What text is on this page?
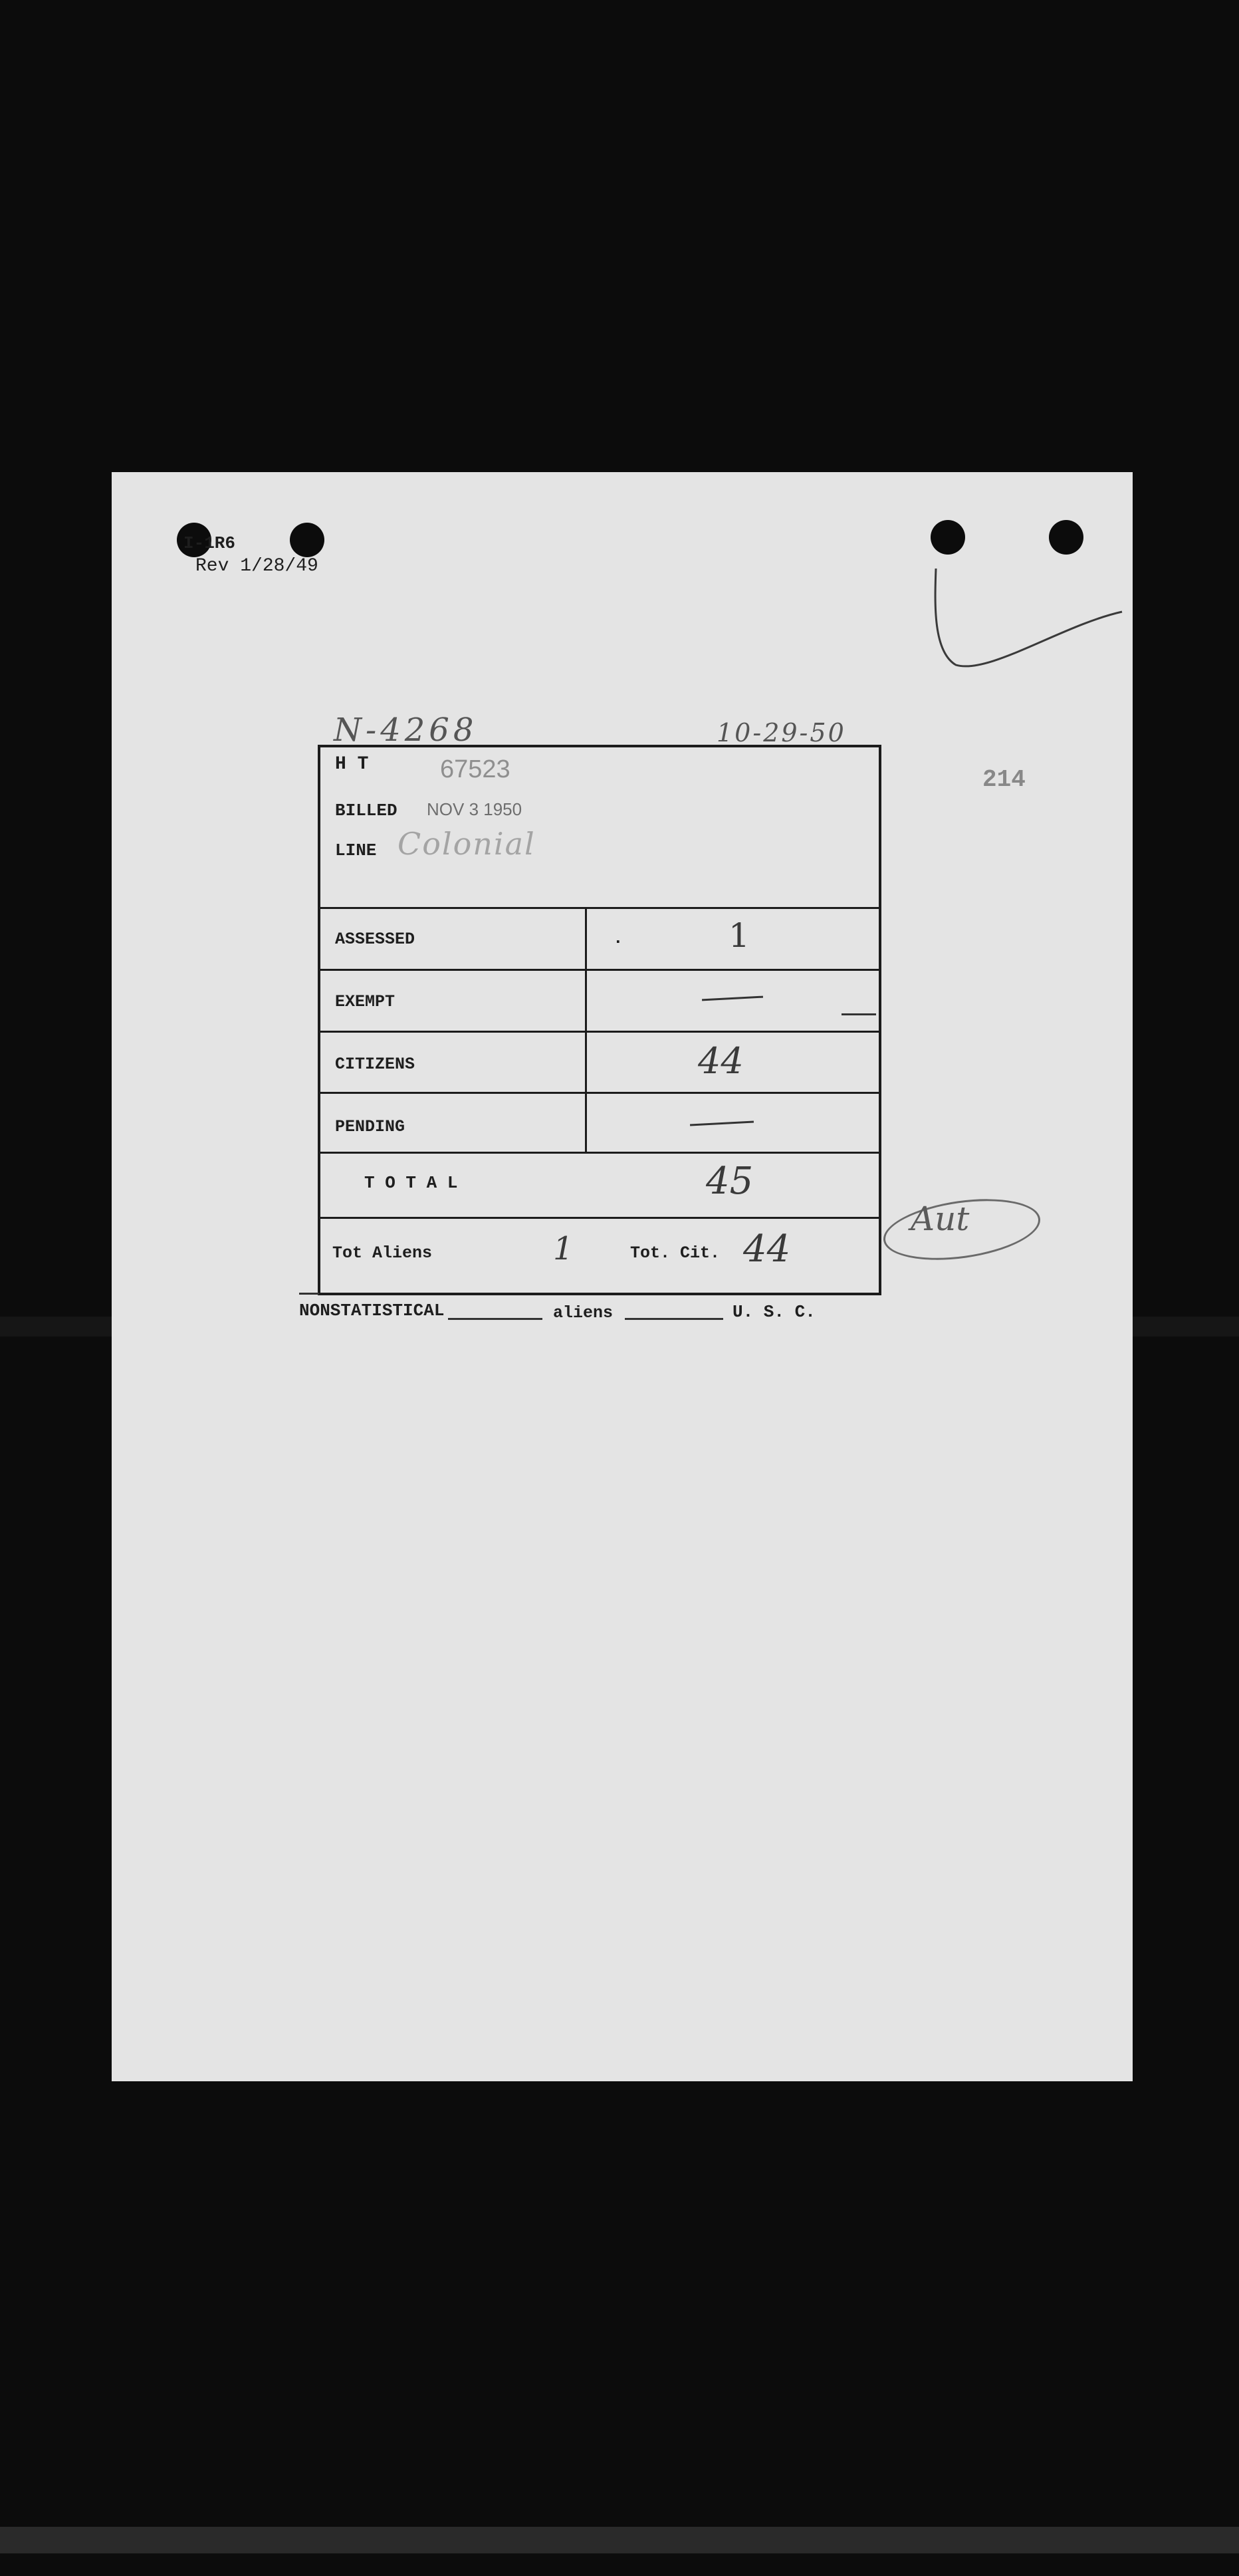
I-1R6
Rev 1/28/49
N-4268	10-29-50
214
H T	67523
BILLED NOV 3 1950
LINE Colonial
ASSESSED	.	1
EXEMPT
CITIZENS	44
PENDING
T O T A L	45
Tot Aliens	1	Tot. Cit. 44
Aut
NONSTATISTICAL	aliens	U. S. C.
